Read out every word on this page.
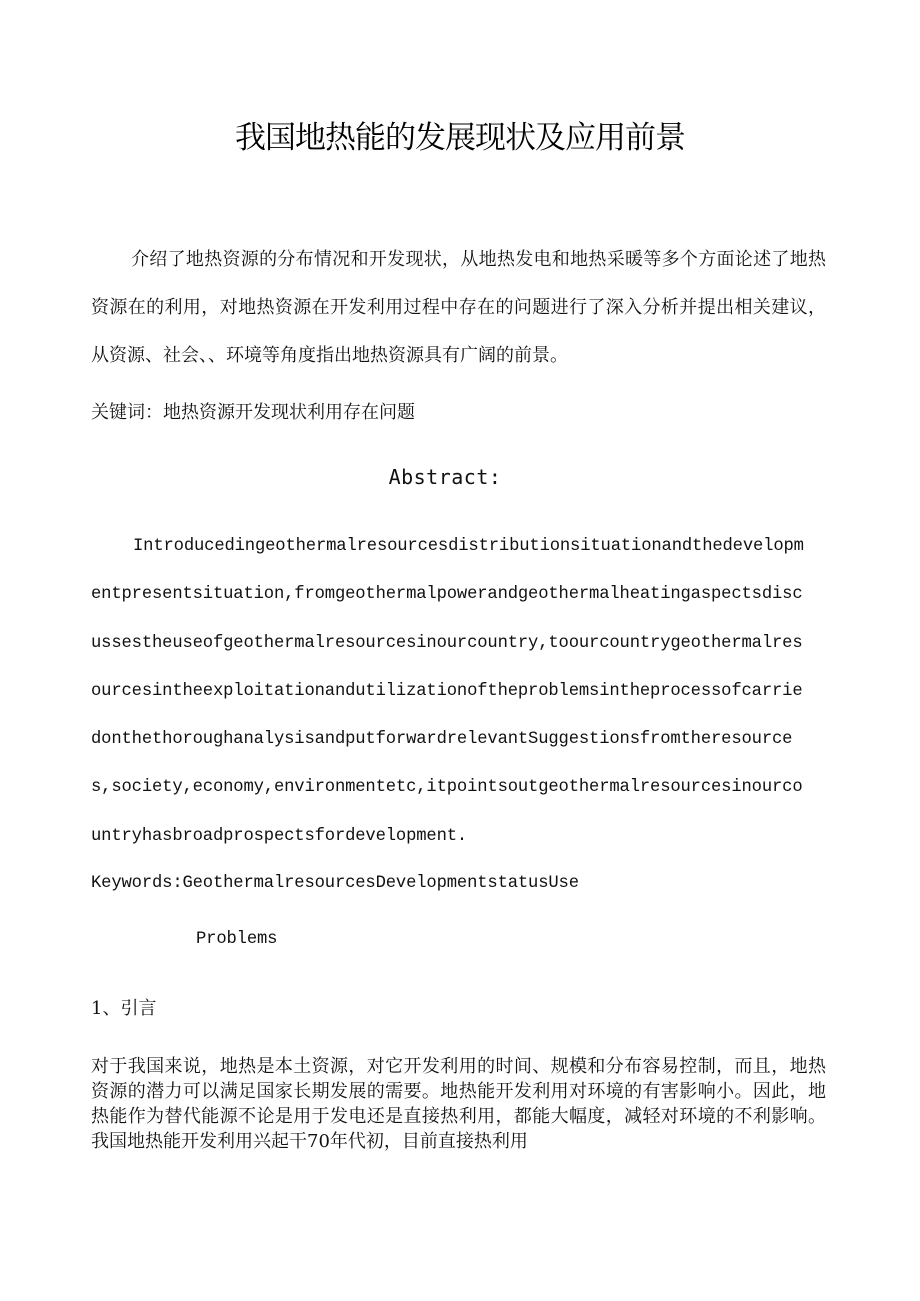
我国地热能的发展现状及应用前景

介绍了地热资源的分布情况和开发现状，从地热发电和地热采暖等多个方面论述了地热资源在的利用，对地热资源在开发利用过程中存在的问题进行了深入分析并提出相关建议，从资源、社会、、环境等角度指出地热资源具有广阔的前景。

关键词：地热资源开发现状利用存在问题
Abstract:

Introducedingeothermalresourcesdistributionsituationandthedevelopmentpresentsituation,fromgeothermalpowerandgeothermalheatingaspectsdiscussestheuseofgeothermalresourcesinourcountry,toourcountrygeothermalresourcesintheexploitationandutilizationoftheproblemsintheprocessofcarriedonthethoroughanalysisandputforwardrelevantSuggestionsfromtheresources,society,economy,environmentetc,itpointsoutgeothermalresourcesinourcountryhasbroadprospectsfordevelopment.

Keywords:GeothermalresourcesDevelopmentstatusUse
Problems
1、引言

对于我国来说，地热是本土资源，对它开发利用的时间、规模和分布容易控制，而且，地热资源的潜力可以满足国家长期发展的需要。地热能开发利用对环境的有害影响小。因此，地热能作为替代能源不论是用于发电还是直接热利用，都能大幅度，减轻对环境的不利影响。我国地热能开发利用兴起干70年代初，目前直接热利用
